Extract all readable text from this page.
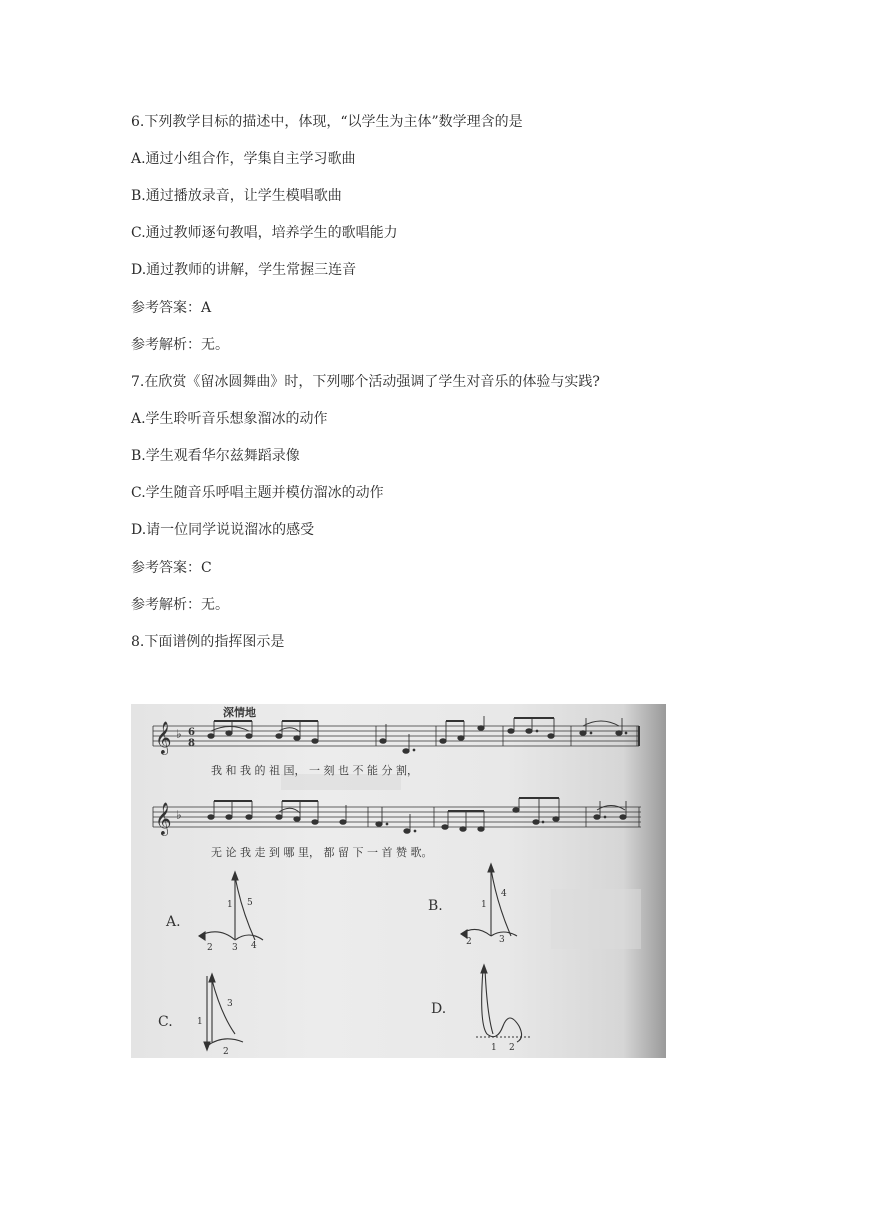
6.下列教学目标的描述中，体现，“以学生为主体”数学理含的是
A.通过小组合作，学集自主学习歌曲
B.通过播放录音，让学生模唱歌曲
C.通过教师逐句教唱，培养学生的歌唱能力
D.通过教师的讲解，学生常握三连音
参考答案：A
参考解析：无。
7.在欣赏《留冰圆舞曲》时，下列哪个活动强调了学生对音乐的体验与实践?
A.学生聆听音乐想象溜冰的动作
B.学生观看华尔兹舞蹈录像
C.学生随音乐呼唱主题并模仿溜冰的动作
D.请一位同学说说溜冰的感受
参考答案：C
参考解析：无。
8.下面谱例的指挥图示是
深情地
𝄞 ♭ 6
8
我 和 我 的 祖 国， 一 刻 也 不 能 分 割，
𝄞 ♭
无 论 我 走 到 哪 里， 都 留 下 一 首 赞 歌。
A.
1
2 3 4
5	B.	1
2	3
4
C.	1
2
3	D.
1 2
